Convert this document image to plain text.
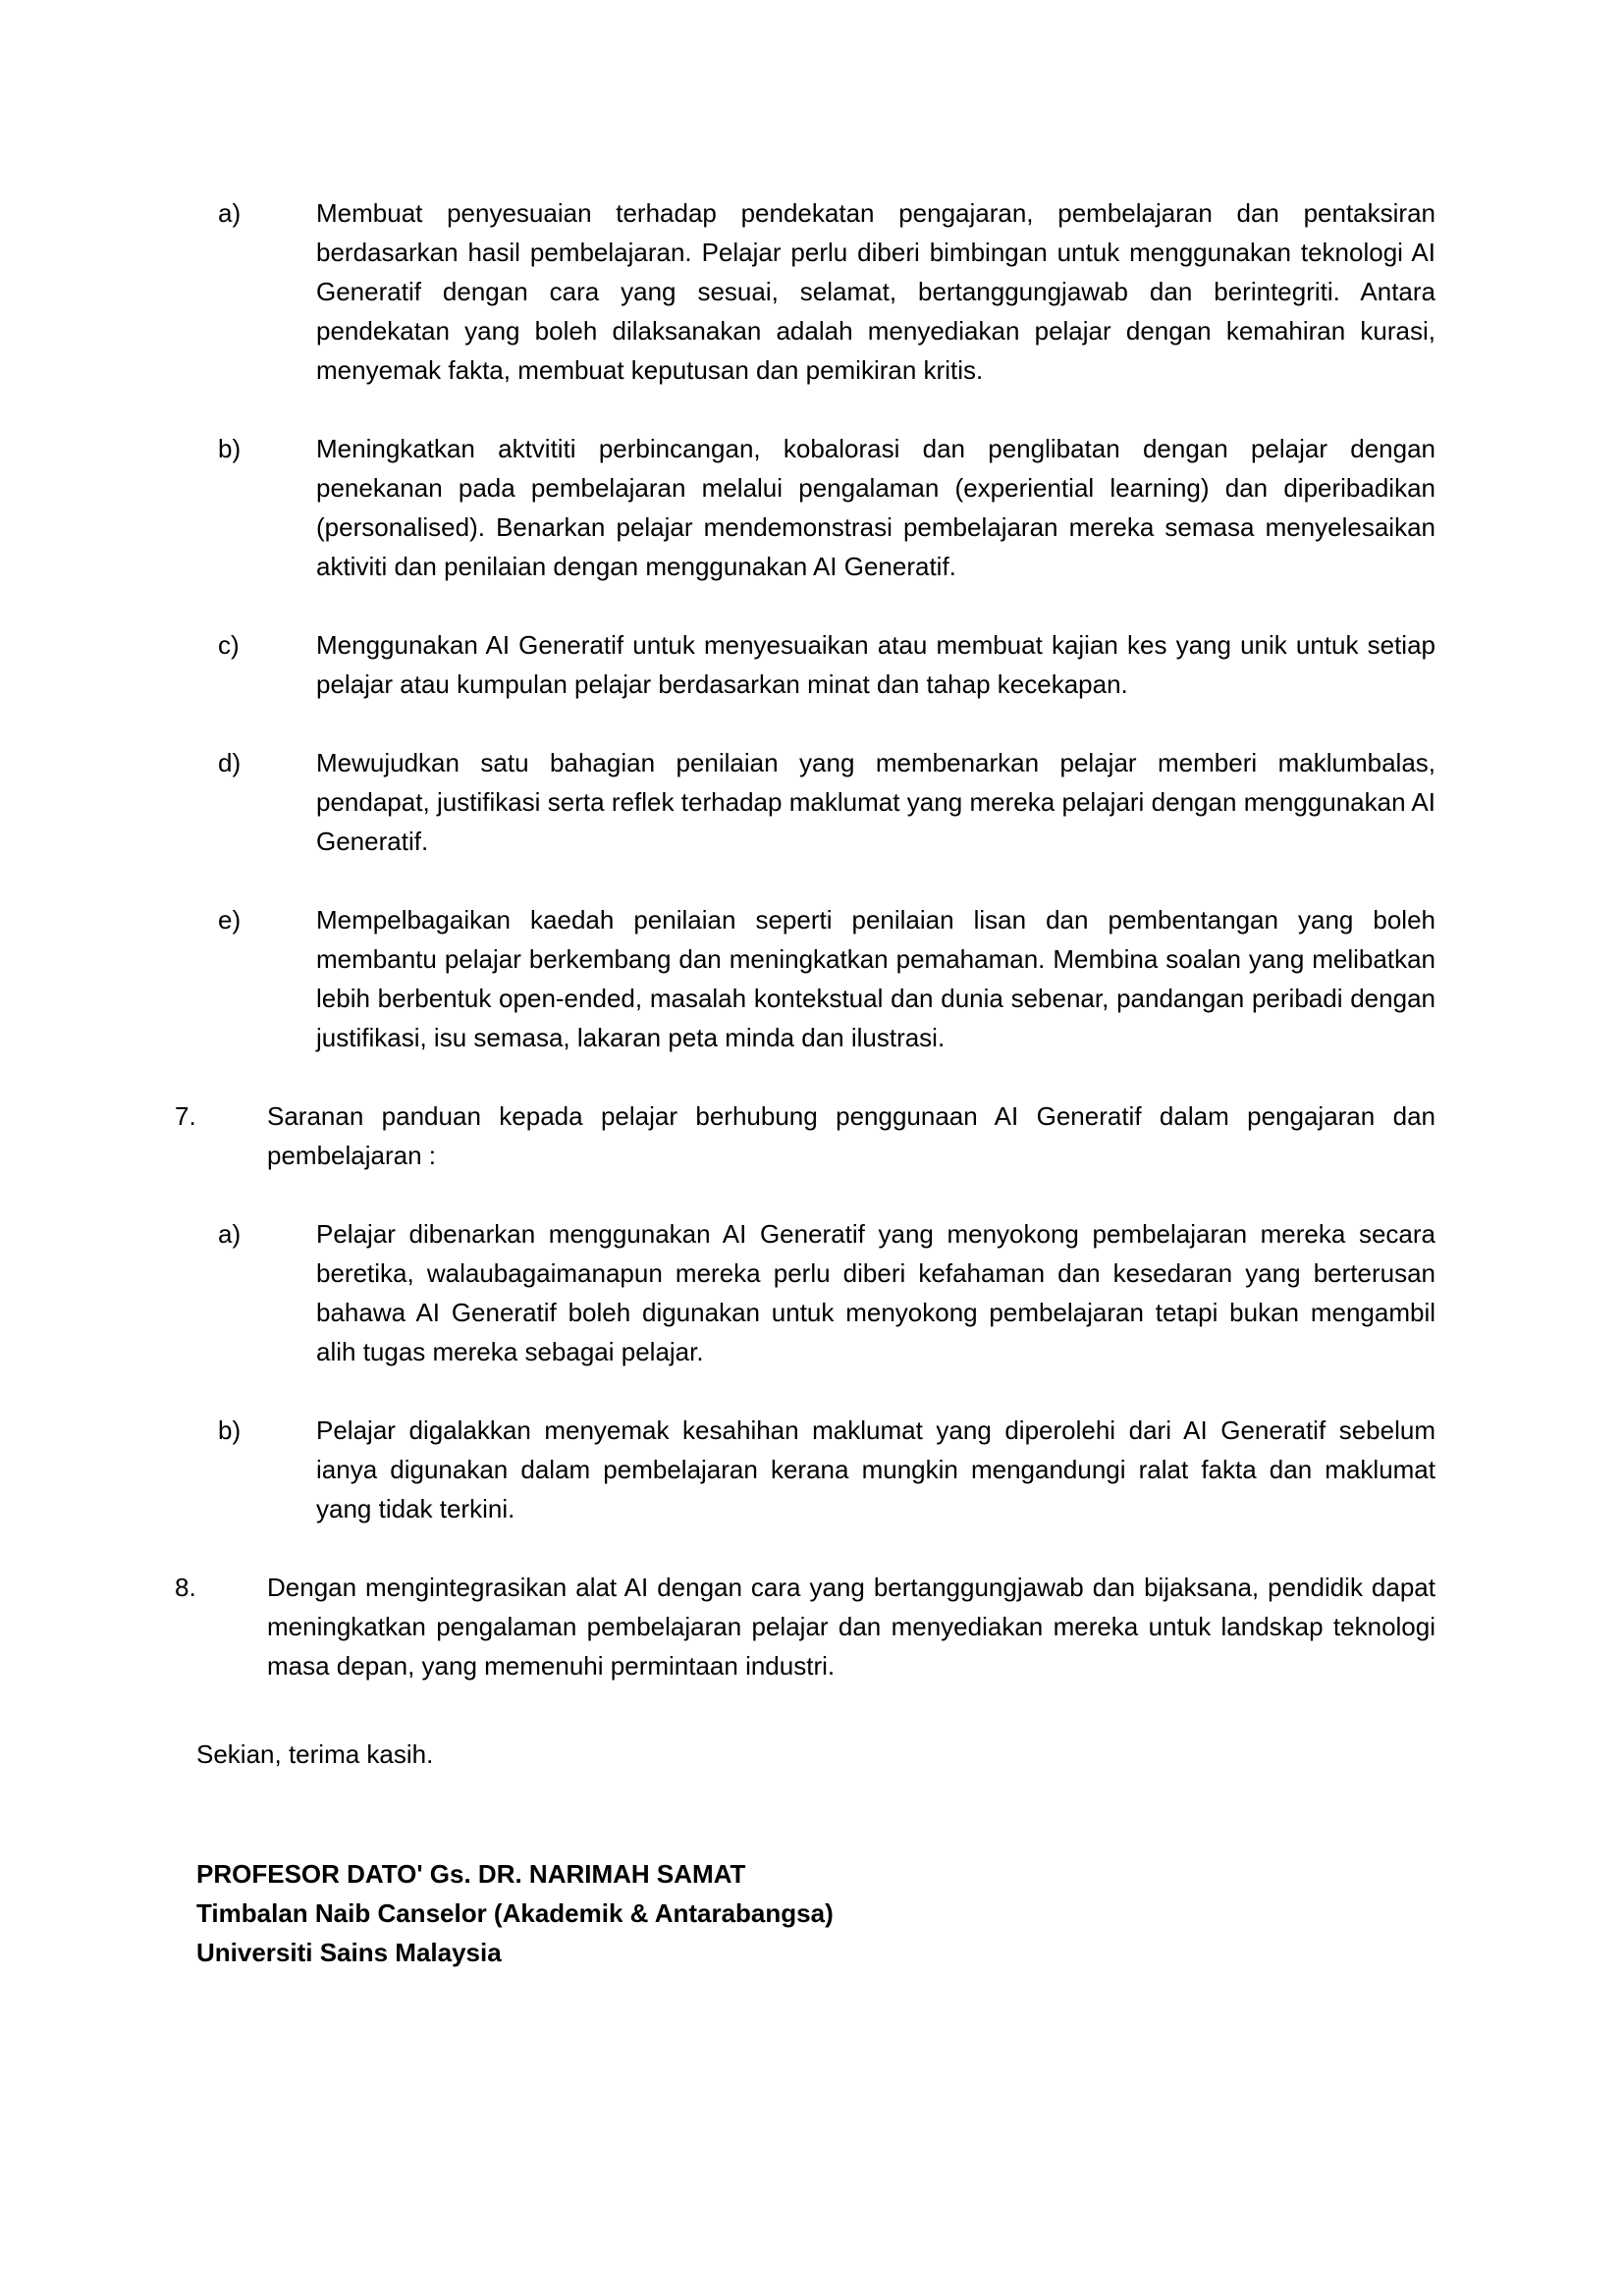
a)	Membuat penyesuaian terhadap pendekatan pengajaran, pembelajaran dan pentaksiran berdasarkan hasil pembelajaran. Pelajar perlu diberi bimbingan untuk menggunakan teknologi AI Generatif dengan cara yang sesuai, selamat, bertanggungjawab dan berintegriti. Antara pendekatan yang boleh dilaksanakan adalah menyediakan pelajar dengan kemahiran kurasi, menyemak fakta, membuat keputusan dan pemikiran kritis.
b)	Meningkatkan aktvititi perbincangan, kobalorasi dan penglibatan dengan pelajar dengan penekanan pada pembelajaran melalui pengalaman (experiential learning) dan diperibadikan (personalised). Benarkan pelajar mendemonstrasi pembelajaran mereka semasa menyelesaikan aktiviti dan penilaian dengan menggunakan AI Generatif.
c)	Menggunakan AI Generatif untuk menyesuaikan atau membuat kajian kes yang unik untuk setiap pelajar atau kumpulan pelajar berdasarkan minat dan tahap kecekapan.
d)	Mewujudkan satu bahagian penilaian yang membenarkan pelajar memberi maklumbalas, pendapat, justifikasi serta reflek terhadap maklumat yang mereka pelajari dengan menggunakan AI Generatif.
e)	Mempelbagaikan kaedah penilaian seperti penilaian lisan dan pembentangan yang boleh membantu pelajar berkembang dan meningkatkan pemahaman. Membina soalan yang melibatkan lebih berbentuk open-ended, masalah kontekstual dan dunia sebenar, pandangan peribadi dengan justifikasi, isu semasa, lakaran peta minda dan ilustrasi.
7.	Saranan panduan kepada pelajar berhubung penggunaan AI Generatif dalam pengajaran dan pembelajaran :
a)	Pelajar dibenarkan menggunakan AI Generatif yang menyokong pembelajaran mereka secara beretika, walaubagaimanapun mereka perlu diberi kefahaman dan kesedaran yang berterusan bahawa AI Generatif boleh digunakan untuk menyokong pembelajaran tetapi bukan mengambil alih tugas mereka sebagai pelajar.
b)	Pelajar digalakkan menyemak kesahihan maklumat yang diperolehi dari AI Generatif sebelum ianya digunakan dalam pembelajaran kerana mungkin mengandungi ralat fakta dan maklumat yang tidak terkini.
8.	Dengan mengintegrasikan alat AI dengan cara yang bertanggungjawab dan bijaksana, pendidik dapat meningkatkan pengalaman pembelajaran pelajar dan menyediakan mereka untuk landskap teknologi masa depan, yang memenuhi permintaan industri.
Sekian, terima kasih.
PROFESOR DATO' Gs. DR. NARIMAH SAMAT
Timbalan Naib Canselor (Akademik & Antarabangsa)
Universiti Sains Malaysia
